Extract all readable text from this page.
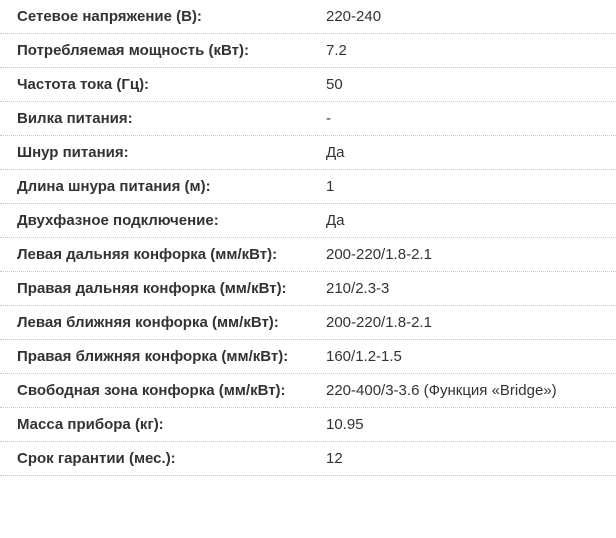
Сетевое напряжение (В):	220-240
Потребляемая мощность (кВт):	7.2
Частота тока (Гц):	50
Вилка питания:	-
Шнур питания:	Да
Длина шнура питания (м):	1
Двухфазное подключение:	Да
Левая дальняя конфорка (мм/кВт):	200-220/1.8-2.1
Правая дальняя конфорка (мм/кВт):	210/2.3-3
Левая ближняя конфорка (мм/кВт):	200-220/1.8-2.1
Правая ближняя конфорка (мм/кВт):	160/1.2-1.5
Свободная зона конфорка (мм/кВт):	220-400/3-3.6 (Функция «Bridge»)
Масса прибора (кг):	10.95
Срок гарантии (мес.):	12
